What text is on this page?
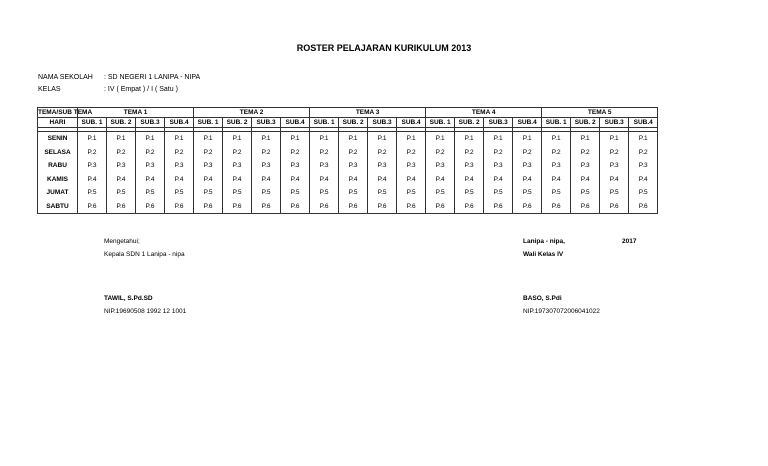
ROSTER PELAJARAN KURIKULUM 2013
NAMA SEKOLAH : SD NEGERI 1 LANIPA - NIPA
KELAS	: IV ( Empat ) / I ( Satu )
TEMA/SUB TEMA	TEMA 1				TEMA 2				TEMA 3				TEMA 4				TEMA 5			
HARI	SUB. 1	SUB. 2	SUB.3	SUB.4	SUB. 1	SUB. 2	SUB.3	SUB.4	SUB. 1	SUB. 2	SUB.3	SUB.4	SUB. 1	SUB. 2	SUB.3	SUB.4	SUB. 1	SUB. 2	SUB.3	SUB.4

SENIN	P.1	P.1	P.1	P.1	P.1	P.1	P.1	P.1	P.1	P.1	P.1	P.1	P.1	P.1	P.1	P.1	P.1	P.1	P.1	P.1
SELASA	P.2	P.2	P.2	P.2	P.2	P.2	P.2	P.2	P.2	P.2	P.2	P.2	P.2	P.2	P.2	P.2	P.2	P.2	P.2	P.2
RABU	P.3	P.3	P.3	P.3	P.3	P.3	P.3	P.3	P.3	P.3	P.3	P.3	P.3	P.3	P.3	P.3	P.3	P.3	P.3	P.3
KAMIS	P.4	P.4	P.4	P.4	P.4	P.4	P.4	P.4	P.4	P.4	P.4	P.4	P.4	P.4	P.4	P.4	P.4	P.4	P.4	P.4
JUMAT	P.5	P.5	P.5	P.5	P.5	P.5	P.5	P.5	P.5	P.5	P.5	P.5	P.5	P.5	P.5	P.5	P.5	P.5	P.5	P.5
SABTU	P.6	P.6	P.6	P.6	P.6	P.6	P.6	P.6	P.6	P.6	P.6	P.6	P.6	P.6	P.6	P.6	P.6	P.6	P.6	P.6
Mengetahui;
Kepala SDN 1 Lanipa - nipa
TAWIL, S.Pd.SD
NIP.19690508 1992 12 1001
Lanipa - nipa,	2017
Wali Kelas IV
BASO, S.Pdi
NIP.197307072006041022
